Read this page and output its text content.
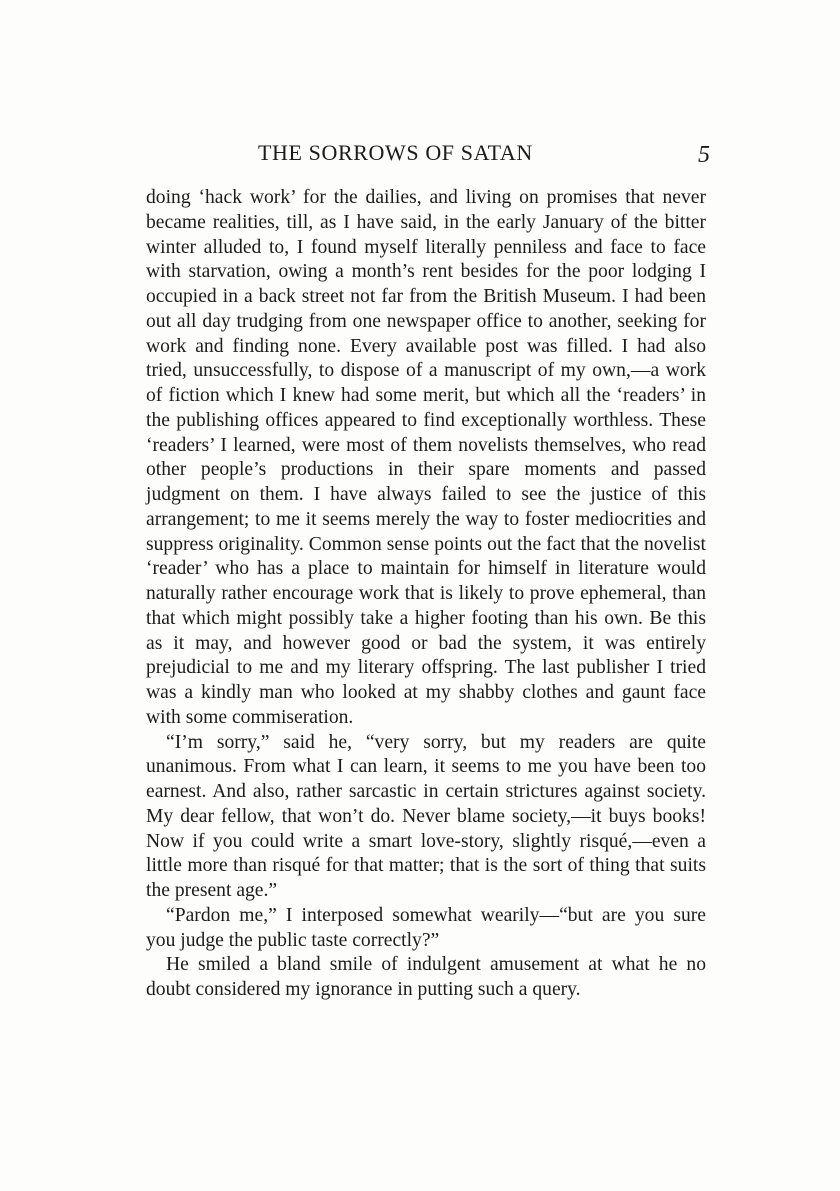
THE SORROWS OF SATAN	5

doing ‘hack work’ for the dailies, and living on promises that never became realities, till, as I have said, in the early January of the bitter winter alluded to, I found myself literally penniless and face to face with starvation, owing a month’s rent besides for the poor lodging I occupied in a back street not far from the British Museum. I had been out all day trudging from one newspaper office to another, seeking for work and finding none. Every available post was filled. I had also tried, unsuccessfully, to dispose of a manuscript of my own,—a work of fiction which I knew had some merit, but which all the ‘readers’ in the publishing offices appeared to find exceptionally worthless. These ‘readers’ I learned, were most of them novelists themselves, who read other people’s productions in their spare moments and passed judgment on them. I have always failed to see the justice of this arrangement; to me it seems merely the way to foster mediocrities and suppress originality. Common sense points out the fact that the novelist ‘reader’ who has a place to maintain for himself in literature would naturally rather encourage work that is likely to prove ephemeral, than that which might possibly take a higher footing than his own. Be this as it may, and however good or bad the system, it was entirely prejudicial to me and my literary offspring. The last publisher I tried was a kindly man who looked at my shabby clothes and gaunt face with some commiseration.

“I’m sorry,” said he, “very sorry, but my readers are quite unanimous. From what I can learn, it seems to me you have been too earnest. And also, rather sarcastic in certain strictures against society. My dear fellow, that won’t do. Never blame society,—it buys books! Now if you could write a smart love-story, slightly risqué,—even a little more than risqué for that matter; that is the sort of thing that suits the present age.”

“Pardon me,” I interposed somewhat wearily—“but are you sure you judge the public taste correctly?”

He smiled a bland smile of indulgent amusement at what he no doubt considered my ignorance in putting such a query.
